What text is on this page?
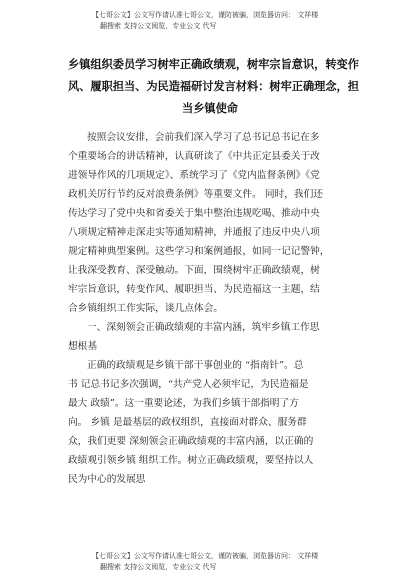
【七哥公文】公文写作请认准七哥公文，谨防被骗，浏览器访问： 文祥楼
翻搜索 支持公文阅览，专业公文 代写
乡镇组织委员学习树牢正确政绩观，树牢宗旨意识，转变作
风、履职担当、为民造福研讨发言材料：树牢正确理念，担
当乡镇使命
按照会议安排，会前我们深入学习了总书记总书记在多
个重要场合的讲话精神，认真研读了《中共正定县委关于改
进领导作风的几项规定》、系统学习了《党内监督条例》《党
政机关厉行节约反对浪费条例》等重要文件。 同时，我们还
传达学习了党中央和省委关于集中整治违规吃喝、推动中央
八项规定精神走深走实等通知精神，并通报了违反中央八项
规定精神典型案例。这些学习和案例通报，如同一记记警钟，
让我深受教育、深受触动。下面，围绕树牢正确政绩观，树
牢宗旨意识，转变作风、履职担当、为民造福这一主题，结
合乡镇组织工作实际，谈几点体会。
一、深刻领会正确政绩观的丰富内涵，筑牢乡镇工作思
想根基
正确的政绩观是乡镇干部干事创业的 “指南针”。总
书 记总书记多次强调，“共产党人必须牢记，为民造福是
最大 政绩”。这一重要论述，为我们乡镇干部指明了方
向。 乡镇 是最基层的政权组织，直接面对群众、服务群
众，我们更要 深刻领会正确政绩观的丰富内涵，以正确的
政绩观引领乡镇 组织工作。树立正确政绩观，要坚持以人
民为中心的发展思
【七哥公文】公文写作请认准七哥公文，谨防被骗，浏览器访问： 文祥楼
翻搜索 支持公文阅览，专业公文 代写
